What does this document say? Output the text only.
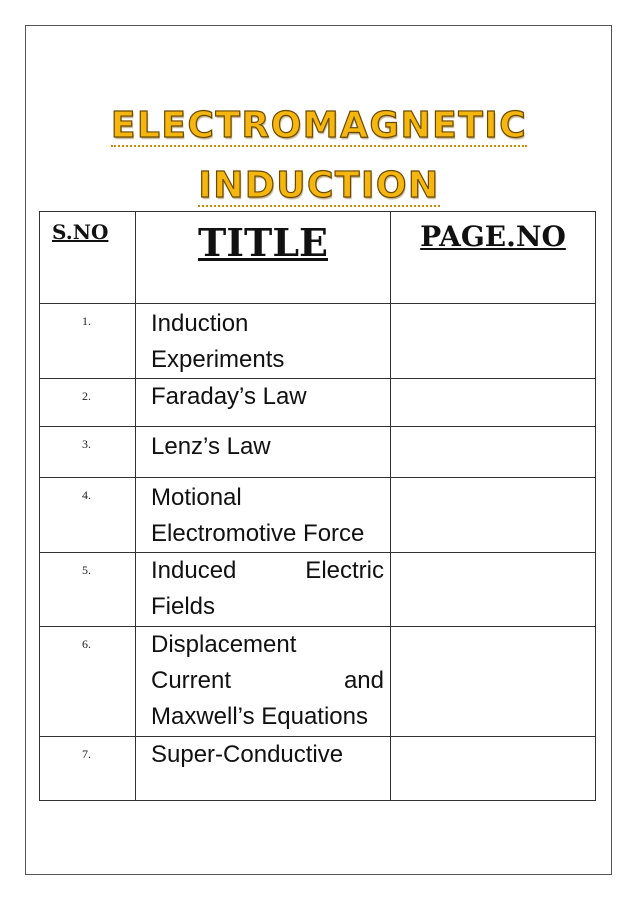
ELECTROMAGNETIC
INDUCTION
S.NO	TITLE	PAGE.NO
1.	Induction
Experiments	

2.	Faraday’s Law	

3.	Lenz’s Law	

4.	Motional
Electromotive Force	

5.	Induced Electric
Fields	

6.	Displacement
Current and
Maxwell’s Equations	

7.	Super-Conductive	
